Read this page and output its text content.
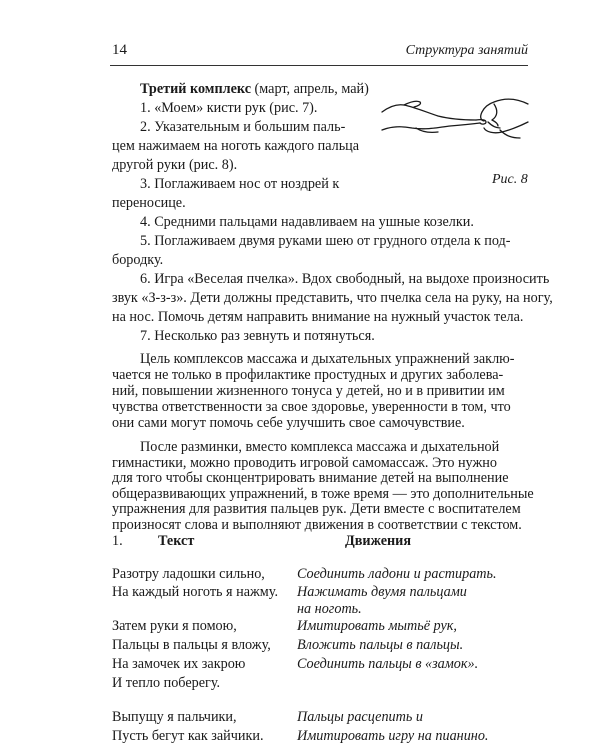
14	Структура занятий
Третий комплекс (март, апрель, май)
1. «Моем» кисти рук (рис. 7).
2. Указательным и большим паль-
цем нажимаем на ноготь каждого пальца
другой руки (рис. 8).
3. Поглаживаем нос от ноздрей к
переносице.
4. Средними пальцами надавливаем на ушные козелки.
5. Поглаживаем двумя руками шею от грудного отдела к под-
бородку.
6. Игра «Веселая пчелка». Вдох свободный, на выдохе произносить
звук «З-з-з». Дети должны представить, что пчелка села на руку, на ногу,
на нос. Помочь детям направить внимание на нужный участок тела.
7. Несколько раз зевнуть и потянуться.
Рис. 8
Цель комплексов массажа и дыхательных упражнений заклю-
чается не только в профилактике простудных и других заболева-
ний, повышении жизненного тонуса у детей, но и в привитии им
чувства ответственности за свое здоровье, уверенности в том, что
они сами могут помочь себе улучшить свое самочувствие.
После разминки, вместо комплекса массажа и дыхательной
гимнастики, можно проводить игровой самомассаж. Это нужно
для того чтобы сконцентрировать внимание детей на выполнение
общеразвивающих упражнений, в тоже время — это дополнительные
упражнения для развития пальцев рук. Дети вместе с воспитателем
произносят слова и выполняют движения в соответствии с текстом.
1. Текст	Движения
Разотру ладошки сильно,
На каждый ноготь я нажму.
Затем руки я помою,
Пальцы в пальцы я вложу,
На замочек их закрою
И тепло поберегу.
Выпущу я пальчики,
Пусть бегут как зайчики.
Соединить ладони и растирать.
Нажимать двумя пальцами
на ноготь.
Имитировать мытьё рук,
Вложить пальцы в пальцы.
Соединить пальцы в «замок».
Пальцы расцепить и
Имитировать игру на пианино.
